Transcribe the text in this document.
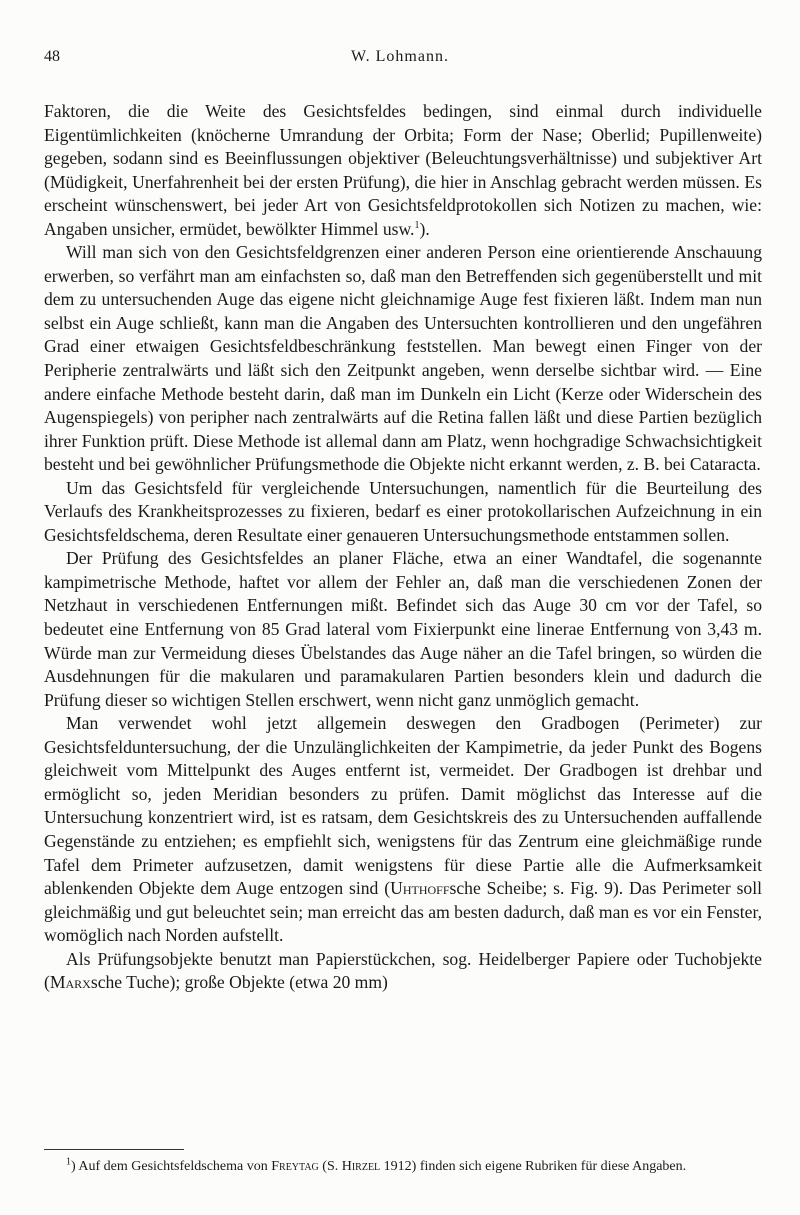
48	W. Lohmann.

Faktoren, die die Weite des Gesichtsfeldes bedingen, sind einmal durch individuelle Eigentümlichkeiten (knöcherne Umrandung der Orbita; Form der Nase; Oberlid; Pupillenweite) gegeben, sodann sind es Beeinflussungen objektiver (Beleuchtungsverhältnisse) und subjektiver Art (Müdigkeit, Unerfahrenheit bei der ersten Prüfung), die hier in Anschlag gebracht werden müssen. Es erscheint wünschenswert, bei jeder Art von Gesichtsfeldprotokollen sich Notizen zu machen, wie: Angaben unsicher, ermüdet, bewölkter Himmel usw.$^1$).

Will man sich von den Gesichtsfeldgrenzen einer anderen Person eine orientierende Anschauung erwerben, so verfährt man am einfachsten so, daß man den Betreffenden sich gegenüberstellt und mit dem zu untersuchenden Auge das eigene nicht gleichnamige Auge fest fixieren läßt. Indem man nun selbst ein Auge schließt, kann man die Angaben des Untersuchten kontrollieren und den ungefähren Grad einer etwaigen Gesichtsfeldbeschränkung feststellen. Man bewegt einen Finger von der Peripherie zentralwärts und läßt sich den Zeitpunkt angeben, wenn derselbe sichtbar wird. — Eine andere einfache Methode besteht darin, daß man im Dunkeln ein Licht (Kerze oder Widerschein des Augenspiegels) von peripher nach zentralwärts auf die Retina fallen läßt und diese Partien bezüglich ihrer Funktion prüft. Diese Methode ist allemal dann am Platz, wenn hochgradige Schwachsichtigkeit besteht und bei gewöhnlicher Prüfungsmethode die Objekte nicht erkannt werden, z. B. bei Cataracta.

Um das Gesichtsfeld für vergleichende Untersuchungen, namentlich für die Beurteilung des Verlaufs des Krankheitsprozesses zu fixieren, bedarf es einer protokollarischen Aufzeichnung in ein Gesichtsfeldschema, deren Resultate einer genaueren Untersuchungsmethode entstammen sollen.

Der Prüfung des Gesichtsfeldes an planer Fläche, etwa an einer Wandtafel, die sogenannte kampimetrische Methode, haftet vor allem der Fehler an, daß man die verschiedenen Zonen der Netzhaut in verschiedenen Entfernungen mißt. Befindet sich das Auge 30 cm vor der Tafel, so bedeutet eine Entfernung von 85 Grad lateral vom Fixierpunkt eine linerae Entfernung von 3,43 m. Würde man zur Vermeidung dieses Übelstandes das Auge näher an die Tafel bringen, so würden die Ausdehnungen für die makularen und paramakularen Partien besonders klein und dadurch die Prüfung dieser so wichtigen Stellen erschwert, wenn nicht ganz unmöglich gemacht.

Man verwendet wohl jetzt allgemein deswegen den Gradbogen (Perimeter) zur Gesichtsfelduntersuchung, der die Unzulänglichkeiten der Kampimetrie, da jeder Punkt des Bogens gleichweit vom Mittelpunkt des Auges entfernt ist, vermeidet. Der Gradbogen ist drehbar und ermöglicht so, jeden Meridian besonders zu prüfen. Damit möglichst das Interesse auf die Untersuchung konzentriert wird, ist es ratsam, dem Gesichtskreis des zu Untersuchenden auffallende Gegenstände zu entziehen; es empfiehlt sich, wenigstens für das Zentrum eine gleichmäßige runde Tafel dem Primeter aufzusetzen, damit wenigstens für diese Partie alle die Aufmerksamkeit ablenkenden Objekte dem Auge entzogen sind (Uhthoffsche Scheibe; s. Fig. 9). Das Perimeter soll gleichmäßig und gut beleuchtet sein; man erreicht das am besten dadurch, daß man es vor ein Fenster, womöglich nach Norden aufstellt.

Als Prüfungsobjekte benutzt man Papierstückchen, sog. Heidelberger Papiere oder Tuchobjekte (Marxsche Tuche); große Objekte (etwa 20 mm)

$^1$) Auf dem Gesichtsfeldschema von Freytag (S. Hirzel 1912) finden sich eigene Rubriken für diese Angaben.
